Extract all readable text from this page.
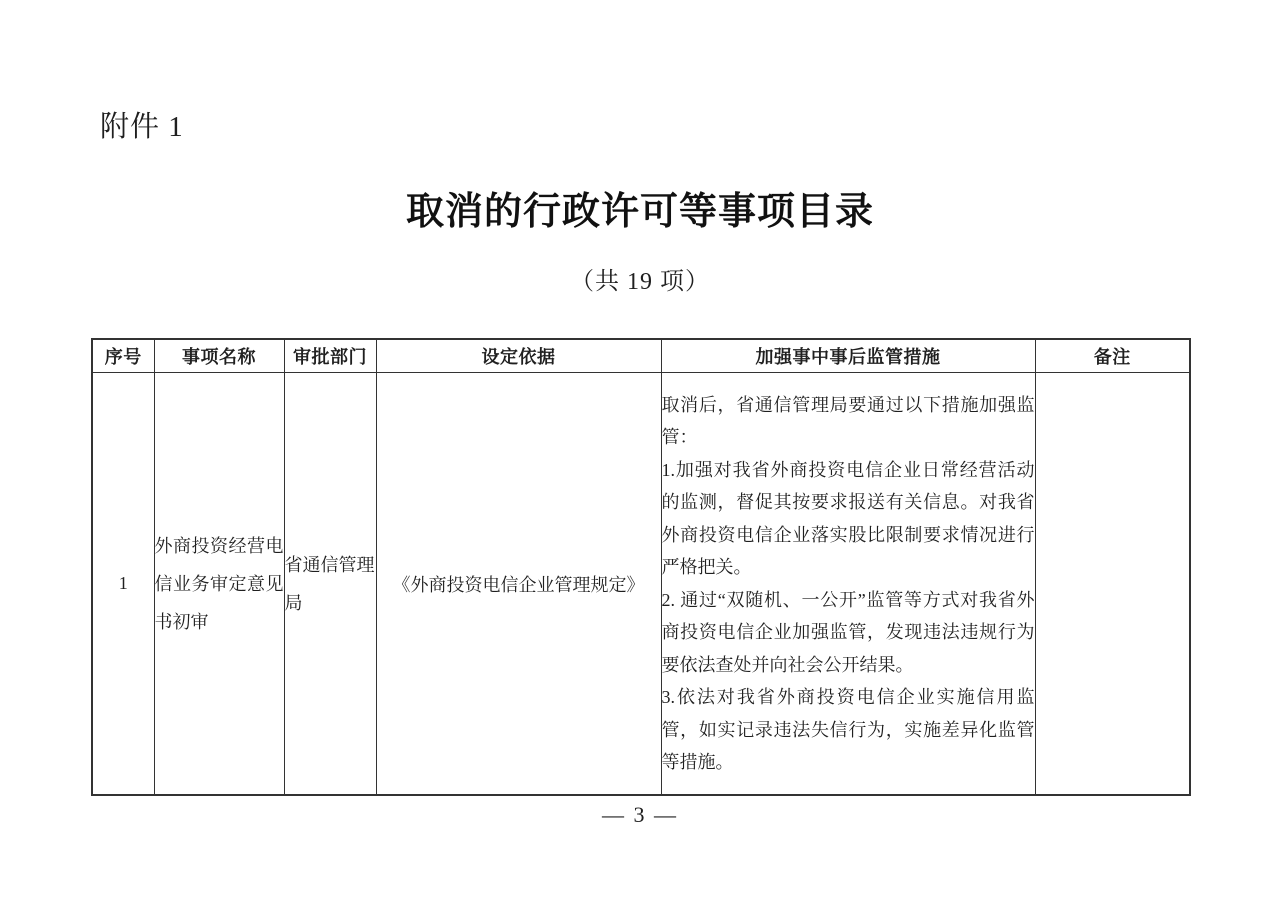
附件 1
取消的行政许可等事项目录
（共 19 项）
序号	事项名称	审批部门	设定依据	加强事中事后监管措施	备注
1	外商投资经营电信业务审定意见书初审	省通信管理局	《外商投资电信企业管理规定》	取消后，省通信管理局要通过以下措施加强监管：

1.加强对我省外商投资电信企业日常经营活动的监测，督促其按要求报送有关信息。对我省外商投资电信企业落实股比限制要求情况进行严格把关。

2. 通过“双随机、一公开”监管等方式对我省外商投资电信企业加强监管，发现违法违规行为要依法查处并向社会公开结果。

3.依法对我省外商投资电信企业实施信用监管，如实记录违法失信行为，实施差异化监管等措施。	

— 3 —
